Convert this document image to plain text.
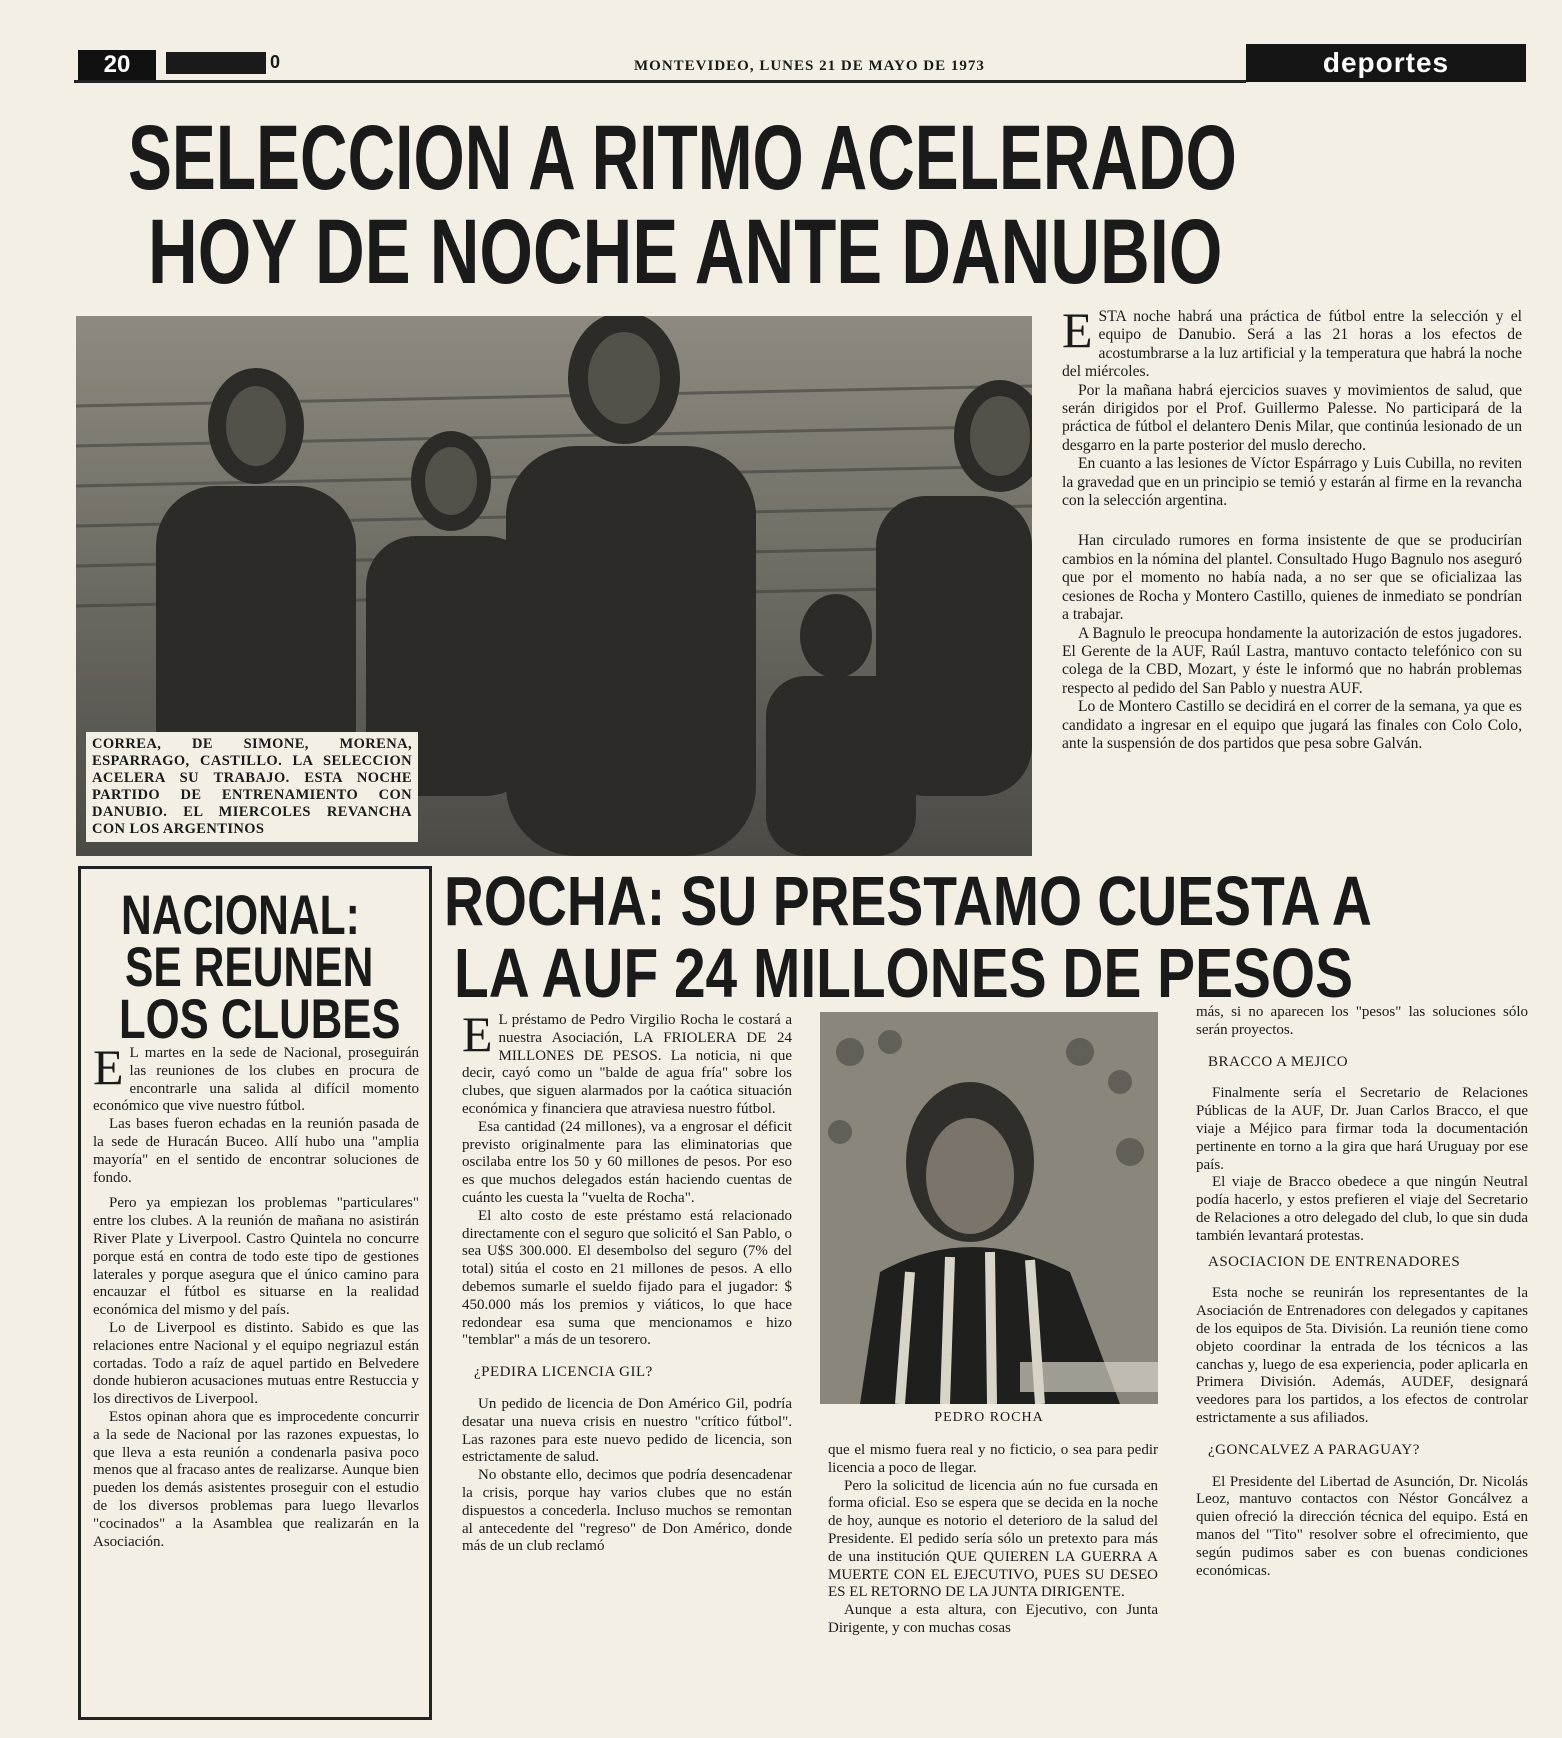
20	0	MONTEVIDEO, LUNES 21 DE MAYO DE 1973	deportes
SELECCION A RITMO ACELERADO
HOY DE NOCHE ANTE DANUBIO
CORREA, DE SIMONE, MORENA, ESPARRAGO, CASTILLO. LA SELECCION ACELERA SU TRABAJO. ESTA NOCHE PARTIDO DE ENTRENAMIENTO CON DANUBIO. EL MIERCOLES REVANCHA CON LOS ARGENTINOS

ESTA noche habrá una práctica de fútbol entre la selección y el equipo de Danubio. Será a las 21 horas a los efectos de acostumbrarse a la luz artificial y la temperatura que habrá la noche del miércoles.

Por la mañana habrá ejercicios suaves y movimientos de salud, que serán dirigidos por el Prof. Guillermo Palesse. No participará de la práctica de fútbol el delantero Denis Milar, que continúa lesionado de un desgarro en la parte posterior del muslo derecho.

En cuanto a las lesiones de Víctor Espárrago y Luis Cubilla, no reviten la gravedad que en un principio se temió y estarán al firme en la revancha con la selección argentina.

Han circulado rumores en forma insistente de que se producirían cambios en la nómina del plantel. Consultado Hugo Bagnulo nos aseguró que por el momento no había nada, a no ser que se oficializaa las cesiones de Rocha y Montero Castillo, quienes de inmediato se pondrían a trabajar.

A Bagnulo le preocupa hondamente la autorización de estos jugadores. El Gerente de la AUF, Raúl Lastra, mantuvo contacto telefónico con su colega de la CBD, Mozart, y éste le informó que no habrán problemas respecto al pedido del San Pablo y nuestra AUF.

Lo de Montero Castillo se decidirá en el correr de la semana, ya que es candidato a ingresar en el equipo que jugará las finales con Colo Colo, ante la suspensión de dos partidos que pesa sobre Galván.

NACIONAL:
SE REUNEN
LOS CLUBES

E L martes en la sede de Nacional, proseguirán las reuniones de los clubes en procura de encontrarle una salida al difícil momento económico que vive nuestro fútbol.

Las bases fueron echadas en la reunión pasada de la sede de Huracán Buceo. Allí hubo una "amplia mayoría" en el sentido de encontrar soluciones de fondo.

Pero ya empiezan los problemas "particulares" entre los clubes. A la reunión de mañana no asistirán River Plate y Liverpool. Castro Quintela no concurre porque está en contra de todo este tipo de gestiones laterales y porque asegura que el único camino para encauzar el fútbol es situarse en la realidad económica del mismo y del país.

Lo de Liverpool es distinto. Sabido es que las relaciones entre Nacional y el equipo negriazul están cortadas. Todo a raíz de aquel partido en Belvedere donde hubieron acusaciones mutuas entre Restuccia y los directivos de Liverpool.

Estos opinan ahora que es improcedente concurrir a la sede de Nacional por las razones expuestas, lo que lleva a esta reunión a condenarla pasiva poco menos que al fracaso antes de realizarse. Aunque bien pueden los demás asistentes proseguir con el estudio de los diversos problemas para luego llevarlos "cocinados" a la Asamblea que realizarán en la Asociación.

ROCHA: SU PRESTAMO CUESTA A
LA AUF 24 MILLONES DE PESOS

E L préstamo de Pedro Virgilio Rocha le costará a nuestra Asociación, LA FRIOLERA DE 24 MILLONES DE PESOS. La noticia, ni que decir, cayó como un "balde de agua fría" sobre los clubes, que siguen alarmados por la caótica situación económica y financiera que atraviesa nuestro fútbol.

Esa cantidad (24 millones), va a engrosar el déficit previsto originalmente para las eliminatorias que oscilaba entre los 50 y 60 millones de pesos. Por eso es que muchos delegados están haciendo cuentas de cuánto les cuesta la "vuelta de Rocha".

El alto costo de este préstamo está relacionado directamente con el seguro que solicitó el San Pablo, o sea U$S 300.000. El desembolso del seguro (7% del total) sitúa el costo en 21 millones de pesos. A ello debemos sumarle el sueldo fijado para el jugador: $ 450.000 más los premios y viáticos, lo que hace redondear esa suma que mencionamos e hizo "temblar" a más de un tesorero.

¿PEDIRA LICENCIA GIL?

Un pedido de licencia de Don Américo Gil, podría desatar una nueva crisis en nuestro "crítico fútbol". Las razones para este nuevo pedido de licencia, son estrictamente de salud.

No obstante ello, decimos que podría desencadenar la crisis, porque hay varios clubes que no están dispuestos a concederla. Incluso muchos se remontan al antecedente del "regreso" de Don Américo, donde más de un club reclamó

PEDRO ROCHA

que el mismo fuera real y no ficticio, o sea para pedir licencia a poco de llegar.

Pero la solicitud de licencia aún no fue cursada en forma oficial. Eso se espera que se decida en la noche de hoy, aunque es notorio el deterioro de la salud del Presidente. El pedido sería sólo un pretexto para más de una institución QUE QUIEREN LA GUERRA A MUERTE CON EL EJECUTIVO, PUES SU DESEO ES EL RETORNO DE LA JUNTA DIRIGENTE.

Aunque a esta altura, con Ejecutivo, con Junta Dirigente, y con muchas cosas

más, si no aparecen los "pesos" las soluciones sólo serán proyectos.

BRACCO A MEJICO

Finalmente sería el Secretario de Relaciones Públicas de la AUF, Dr. Juan Carlos Bracco, el que viaje a Méjico para firmar toda la documentación pertinente en torno a la gira que hará Uruguay por ese país.

El viaje de Bracco obedece a que ningún Neutral podía hacerlo, y estos prefieren el viaje del Secretario de Relaciones a otro delegado del club, lo que sin duda también levantará protestas.

ASOCIACION DE ENTRENADORES

Esta noche se reunirán los representantes de la Asociación de Entrenadores con delegados y capitanes de los equipos de 5ta. División. La reunión tiene como objeto coordinar la entrada de los técnicos a las canchas y, luego de esa experiencia, poder aplicarla en Primera División. Además, AUDEF, designará veedores para los partidos, a los efectos de controlar estrictamente a sus afiliados.

¿GONCALVEZ A PARAGUAY?

El Presidente del Libertad de Asunción, Dr. Nicolás Leoz, mantuvo contactos con Néstor Goncálvez a quien ofreció la dirección técnica del equipo. Está en manos del "Tito" resolver sobre el ofrecimiento, que según pudimos saber es con buenas condiciones económicas.
